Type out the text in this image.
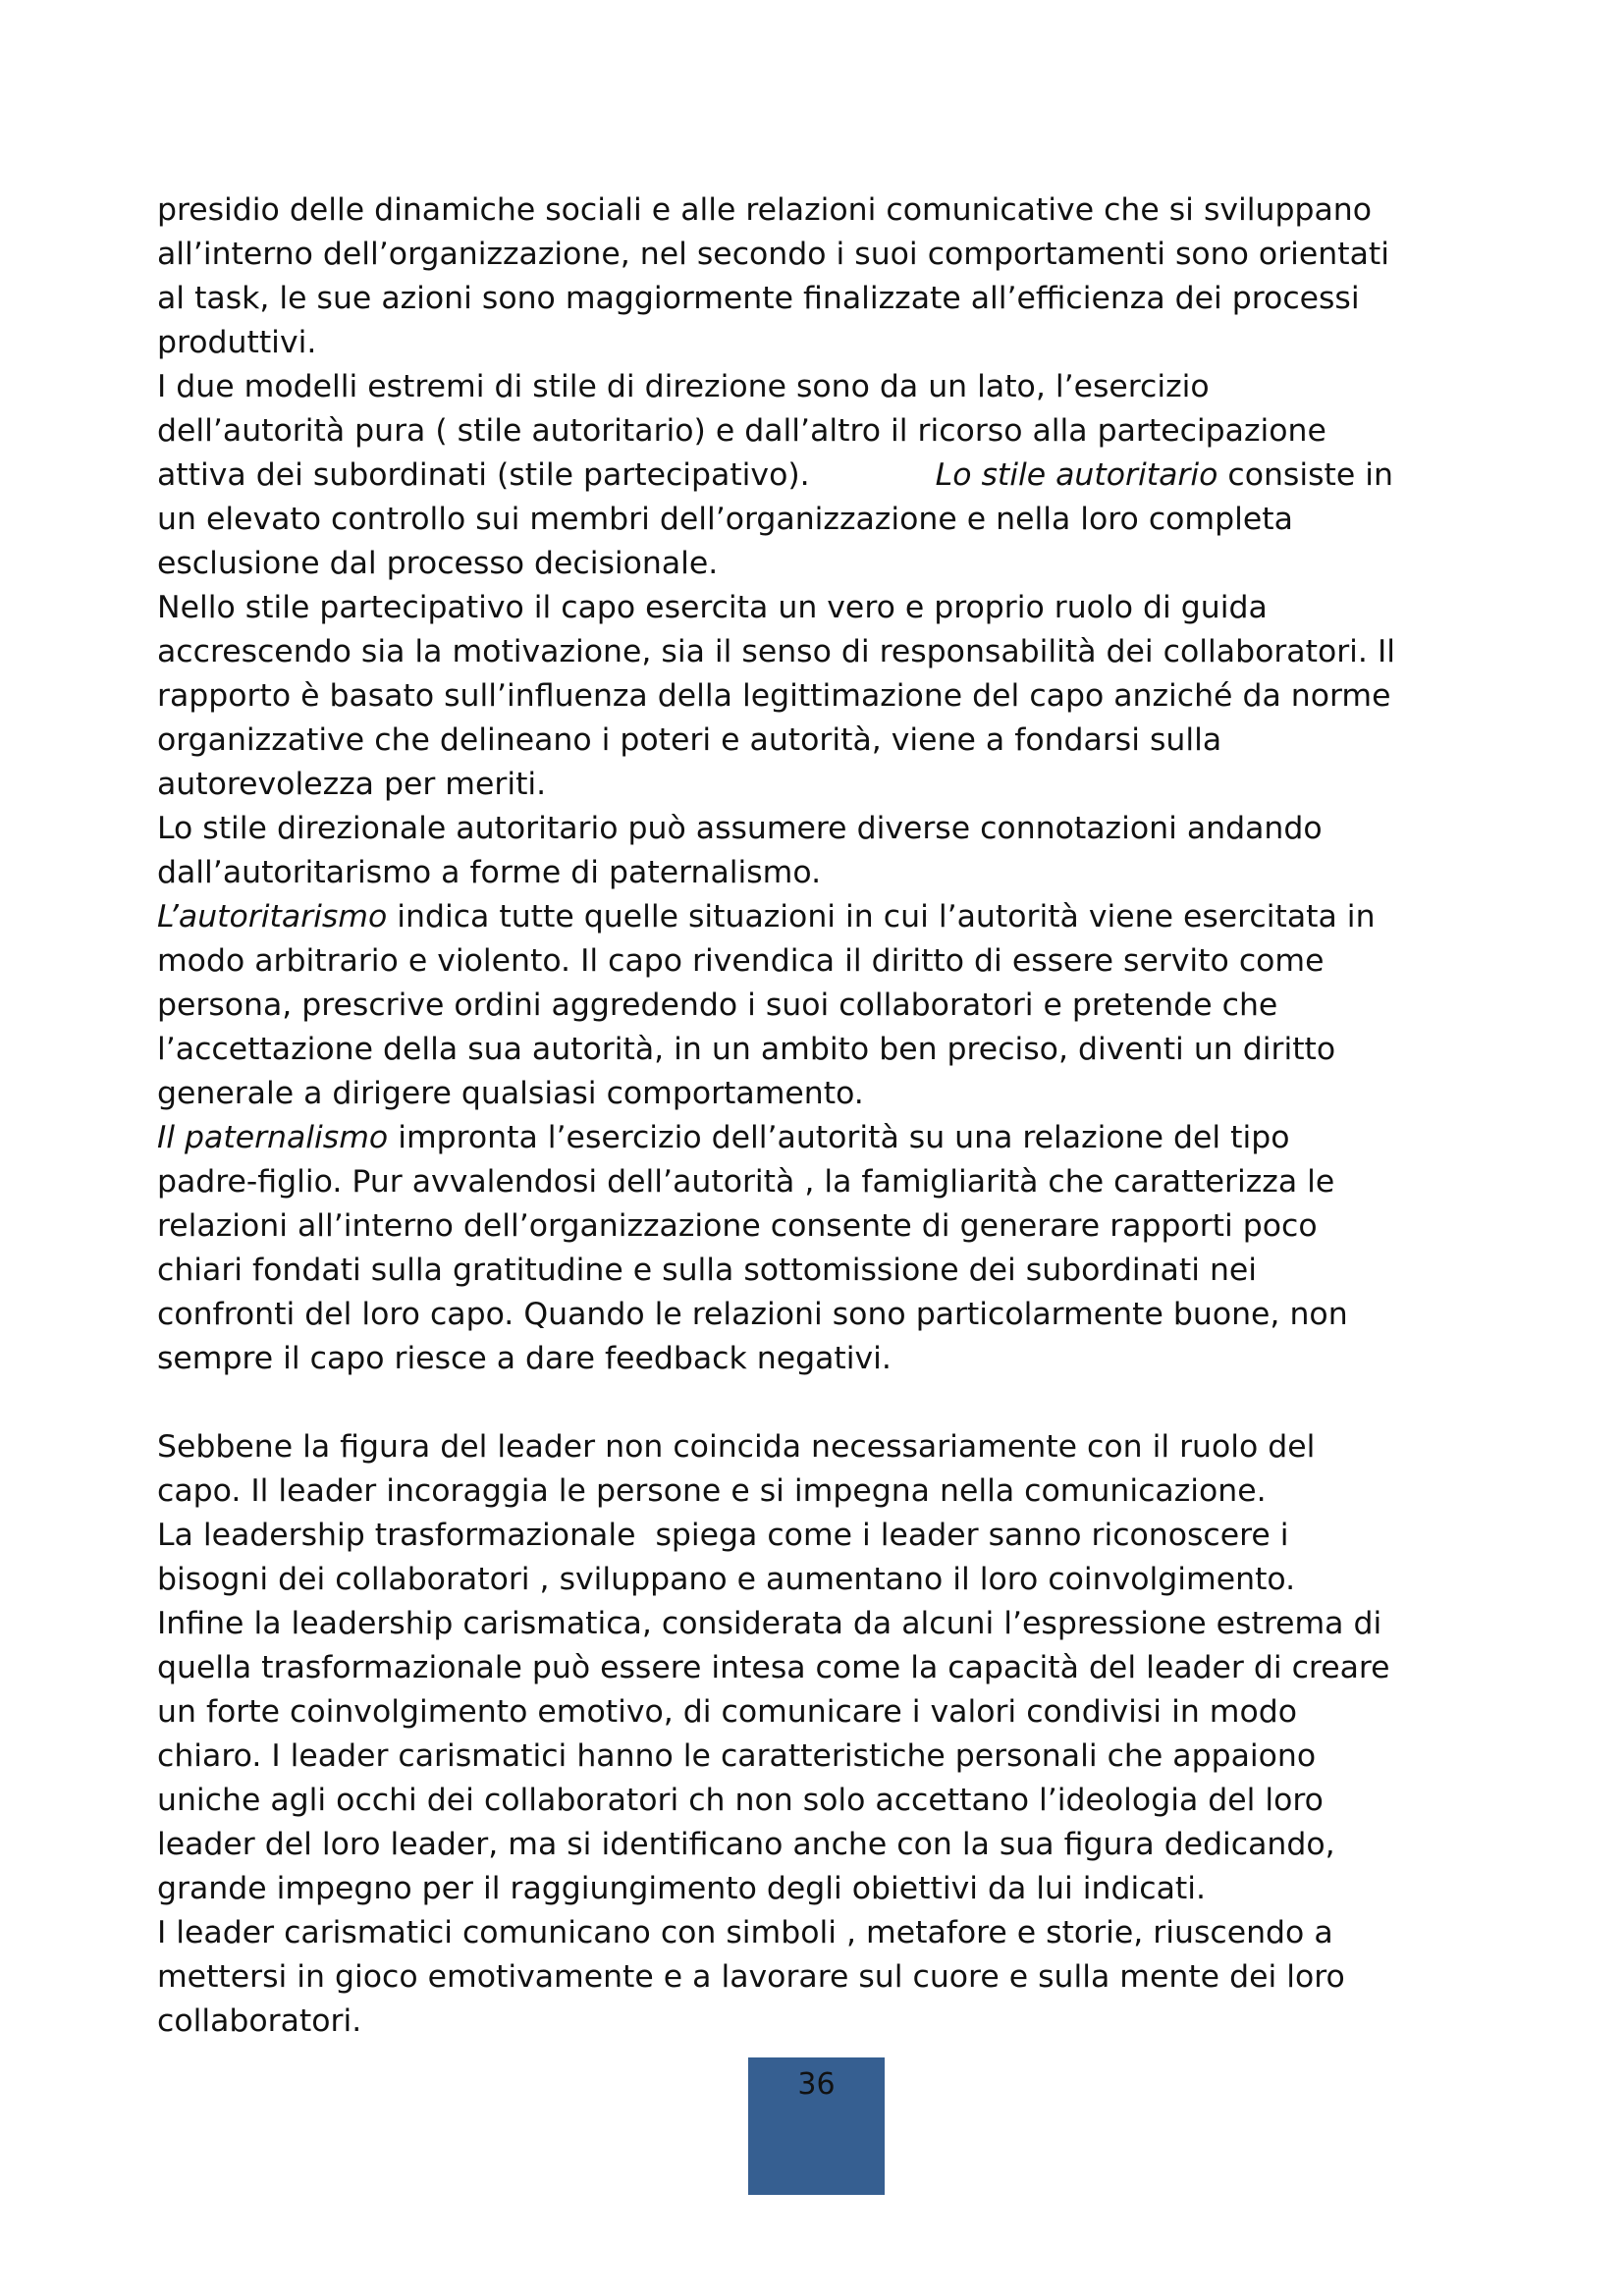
presidio delle dinamiche sociali e alle relazioni comunicative che si sviluppano
all’interno dell’organizzazione, nel secondo i suoi comportamenti sono orientati
al task, le sue azioni sono maggiormente finalizzate all’efficienza dei processi
produttivi.
I due modelli estremi di stile di direzione sono da un lato, l’esercizio
dell’autorità pura ( stile autoritario) e dall’altro il ricorso alla partecipazione
attiva dei subordinati (stile partecipativo).	Lo stile autoritario consiste in
un elevato controllo sui membri dell’organizzazione e nella loro completa
esclusione dal processo decisionale.
Nello stile partecipativo il capo esercita un vero e proprio ruolo di guida
accrescendo sia la motivazione, sia il senso di responsabilità dei collaboratori. Il
rapporto è basato sull’influenza della legittimazione del capo anziché da norme
organizzative che delineano i poteri e autorità, viene a fondarsi sulla
autorevolezza per meriti.
Lo stile direzionale autoritario può assumere diverse connotazioni andando
dall’autoritarismo a forme di paternalismo.
L’autoritarismo indica tutte quelle situazioni in cui l’autorità viene esercitata in
modo arbitrario e violento. Il capo rivendica il diritto di essere servito come
persona, prescrive ordini aggredendo i suoi collaboratori e pretende che
l’accettazione della sua autorità, in un ambito ben preciso, diventi un diritto
generale a dirigere qualsiasi comportamento.
Il paternalismo impronta l’esercizio dell’autorità su una relazione del tipo
padre-figlio. Pur avvalendosi dell’autorità , la famigliarità che caratterizza le
relazioni all’interno dell’organizzazione consente di generare rapporti poco
chiari fondati sulla gratitudine e sulla sottomissione dei subordinati nei
confronti del loro capo. Quando le relazioni sono particolarmente buone, non
sempre il capo riesce a dare feedback negativi.
Sebbene la figura del leader non coincida necessariamente con il ruolo del
capo. Il leader incoraggia le persone e si impegna nella comunicazione.
La leadership trasformazionale  spiega come i leader sanno riconoscere i
bisogni dei collaboratori , sviluppano e aumentano il loro coinvolgimento.
Infine la leadership carismatica, considerata da alcuni l’espressione estrema di
quella trasformazionale può essere intesa come la capacità del leader di creare
un forte coinvolgimento emotivo, di comunicare i valori condivisi in modo
chiaro. I leader carismatici hanno le caratteristiche personali che appaiono
uniche agli occhi dei collaboratori ch non solo accettano l’ideologia del loro
leader del loro leader, ma si identificano anche con la sua figura dedicando,
grande impegno per il raggiungimento degli obiettivi da lui indicati.
I leader carismatici comunicano con simboli , metafore e storie, riuscendo a
mettersi in gioco emotivamente e a lavorare sul cuore e sulla mente dei loro
collaboratori.
36
